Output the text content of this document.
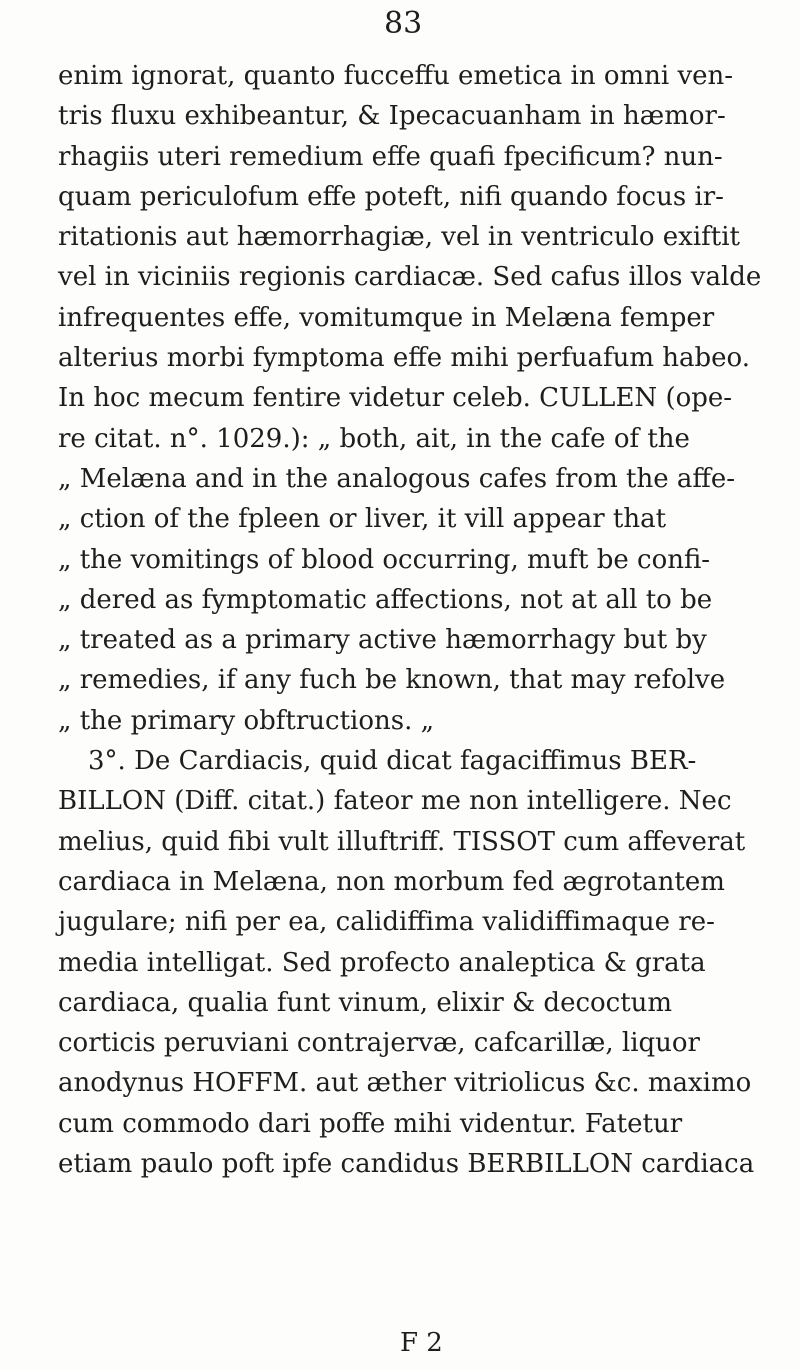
83
enim ignorat, quanto fucceffu emetica in omni ven-
tris fluxu exhibeantur, & Ipecacuanham in hæmor-
rhagiis uteri remedium effe quafi fpecificum? nun-
quam periculofum effe poteft, nifi quando focus ir-
ritationis aut hæmorrhagiæ, vel in ventriculo exiftit
vel in viciniis regionis cardiacæ. Sed cafus illos valde
infrequentes effe, vomitumque in Melæna femper
alterius morbi fymptoma effe mihi perfuafum habeo.
In hoc mecum fentire videtur celeb. CULLEN (ope-
re citat. n°. 1029.): „ both, ait, in the cafe of the
„ Melæna and in the analogous cafes from the affe-
„ ction of the fpleen or liver, it vill appear that
„ the vomitings of blood occurring, muft be confi-
„ dered as fymptomatic affections, not at all to be
„ treated as a primary active hæmorrhagy but by
„ remedies, if any fuch be known, that may refolve
„ the primary obftructions. „
3°. De Cardiacis, quid dicat fagaciffimus BER-
BILLON (Diff. citat.) fateor me non intelligere. Nec
melius, quid fibi vult illuftriff. TISSOT cum affeverat
cardiaca in Melæna, non morbum fed ægrotantem
jugulare; nifi per ea, calidiffima validiffimaque re-
media intelligat. Sed profecto analeptica & grata
cardiaca, qualia funt vinum, elixir & decoctum
corticis peruviani contrajervæ, cafcarillæ, liquor
anodynus HOFFM. aut æther vitriolicus &c. maximo
cum commodo dari poffe mihi videntur. Fatetur
etiam paulo poft ipfe candidus BERBILLON cardiaca
F 2
